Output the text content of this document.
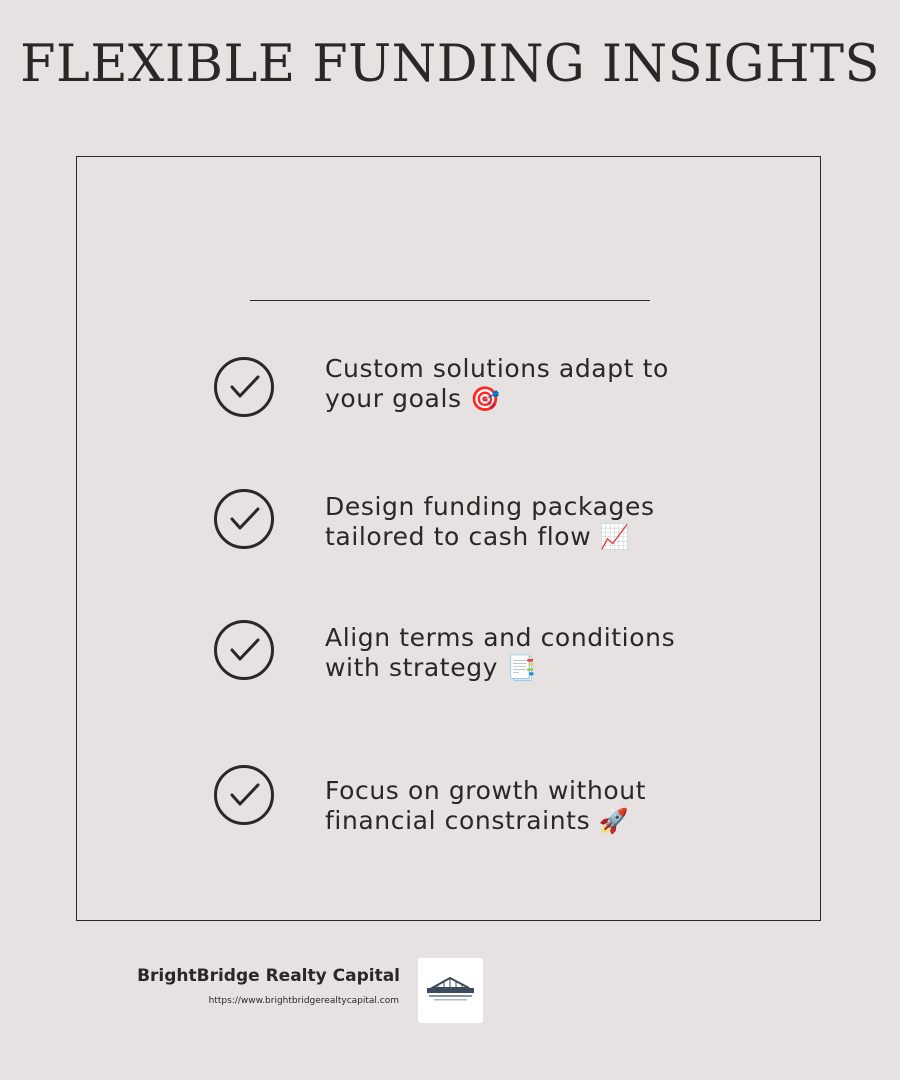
FLEXIBLE FUNDING INSIGHTS
Custom solutions adapt to your goals 🎯
Design funding packages tailored to cash flow 📈
Align terms and conditions with strategy 📑
Focus on growth without financial constraints 🚀
BrightBridge Realty Capital
https://www.brightbridgerealtycapital.com
